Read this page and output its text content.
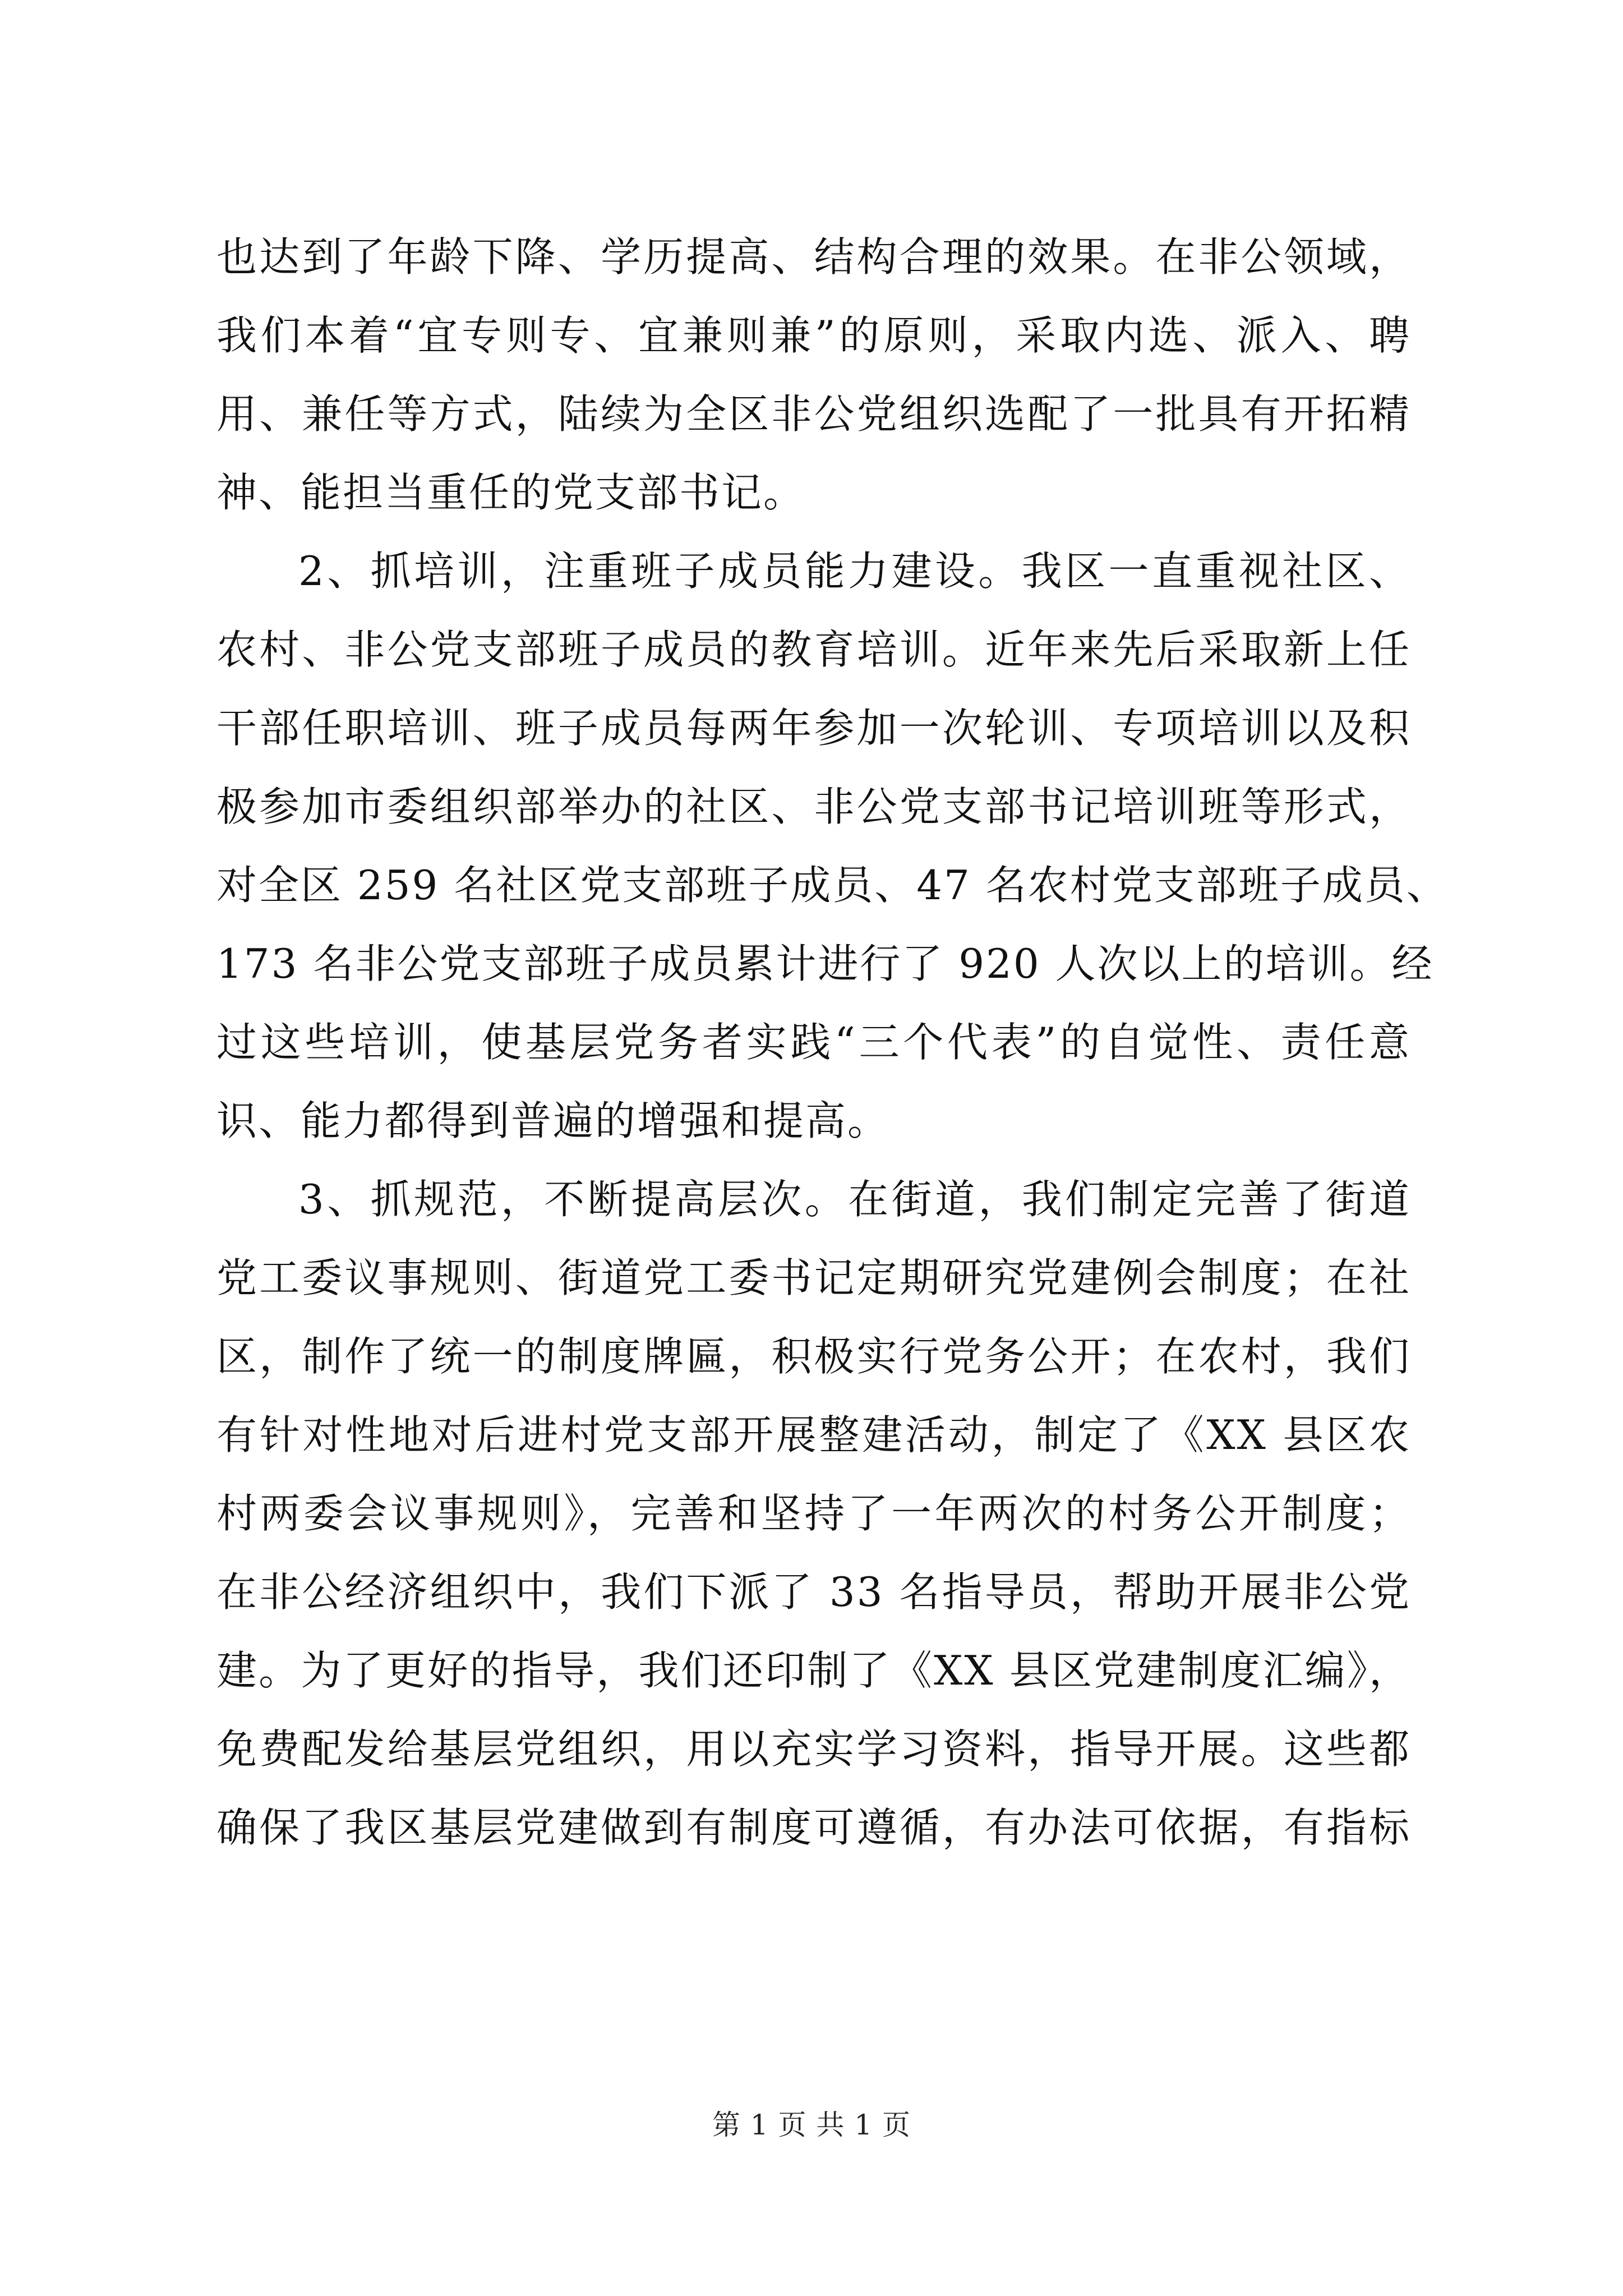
也达到了年龄下降、学历提高、结构合理的效果。在非公领域，
我们本着“宜专则专、宜兼则兼”的原则，采取内选、派入、聘
用、兼任等方式，陆续为全区非公党组织选配了一批具有开拓精
神、能担当重任的党支部书记。
2、抓培训，注重班子成员能力建设。我区一直重视社区、
农村、非公党支部班子成员的教育培训。近年来先后采取新上任
干部任职培训、班子成员每两年参加一次轮训、专项培训以及积
极参加市委组织部举办的社区、非公党支部书记培训班等形式，
对全区 259 名社区党支部班子成员、47 名农村党支部班子成员、
173 名非公党支部班子成员累计进行了 920 人次以上的培训。经
过这些培训，使基层党务者实践“三个代表”的自觉性、责任意
识、能力都得到普遍的增强和提高。
3、抓规范，不断提高层次。在街道，我们制定完善了街道
党工委议事规则、街道党工委书记定期研究党建例会制度；在社
区，制作了统一的制度牌匾，积极实行党务公开；在农村，我们
有针对性地对后进村党支部开展整建活动，制定了《XX 县区农
村两委会议事规则》，完善和坚持了一年两次的村务公开制度；
在非公经济组织中，我们下派了 33 名指导员，帮助开展非公党
建。为了更好的指导，我们还印制了《XX 县区党建制度汇编》，
免费配发给基层党组织，用以充实学习资料，指导开展。这些都
确保了我区基层党建做到有制度可遵循，有办法可依据，有指标
第 1 页 共 1 页
